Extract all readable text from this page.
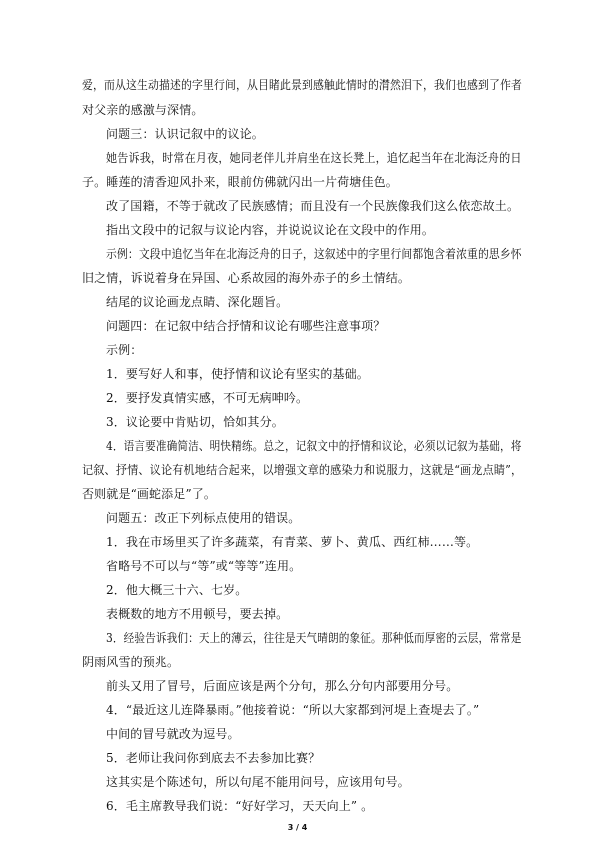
爱，而从这生动描述的字里行间，从目睹此景到感触此情时的潸然泪下，我们也感到了作者
对父亲的感激与深情。
问题三：认识记叙中的议论。
她告诉我，时常在月夜，她同老伴儿并肩坐在这长凳上，追忆起当年在北海泛舟的日
子。睡莲的清香迎风扑来，眼前仿佛就闪出一片荷塘佳色。
改了国籍，不等于就改了民族感情；而且没有一个民族像我们这么依恋故土。
指出文段中的记叙与议论内容，并说说议论在文段中的作用。
示例：文段中追忆当年在北海泛舟的日子，这叙述中的字里行间都饱含着浓重的思乡怀
旧之情，诉说着身在异国、心系故园的海外赤子的乡土情结。
结尾的议论画龙点睛、深化题旨。
问题四：在记叙中结合抒情和议论有哪些注意事项？
示例：
1．要写好人和事，使抒情和议论有坚实的基础。
2．要抒发真情实感，不可无病呻吟。
3．议论要中肯贴切，恰如其分。
4．语言要准确简洁、明快精练。总之，记叙文中的抒情和议论，必须以记叙为基础，将
记叙、抒情、议论有机地结合起来，以增强文章的感染力和说服力，这就是“画龙点睛”，
否则就是“画蛇添足”了。
问题五：改正下列标点使用的错误。
1．我在市场里买了许多蔬菜，有青菜、萝卜、黄瓜、西红柿……等。
省略号不可以与“等”或“等等”连用。
2．他大概三十六、七岁。
表概数的地方不用顿号，要去掉。
3．经验告诉我们：天上的薄云，往往是天气晴朗的象征。那种低而厚密的云层，常常是
阴雨风雪的预兆。
前头又用了冒号，后面应该是两个分句，那么分句内部要用分号。
4．“最近这儿连降暴雨。”他接着说：“所以大家都到河堤上查堤去了。”
中间的冒号就改为逗号。
5．老师让我问你到底去不去参加比赛？
这其实是个陈述句，所以句尾不能用问号，应该用句号。
6．毛主席教导我们说：“好好学习，天天向上” 。
3 / 4
